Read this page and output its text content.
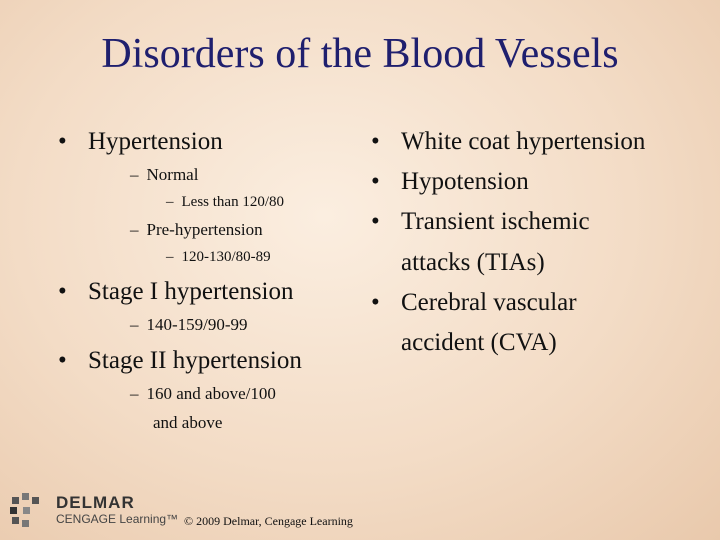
Disorders of the Blood Vessels
• Hypertension
– Normal
– Less than 120/80
– Pre-hypertension
– 120-130/80-89
• Stage I hypertension
– 140-159/90-99
• Stage II hypertension
– 160 and above/100
and above
• White coat hypertension
• Hypotension
• Transient ischemic
attacks (TIAs)
• Cerebral vascular
accident (CVA)
DELMAR
CENGAGE Learning™ © 2009 Delmar, Cengage Learning
